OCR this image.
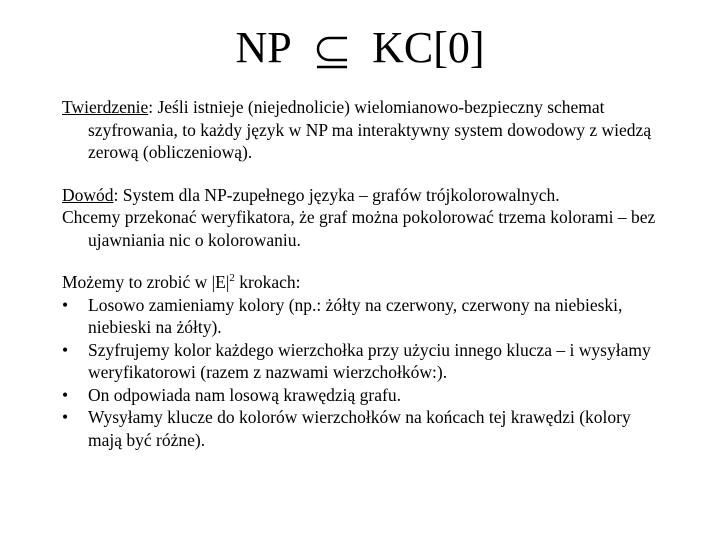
NP KC[0]

Twierdzenie: Jeśli istnieje (niejednolicie) wielomianowo-bezpieczny schemat szyfrowania, to każdy język w NP ma interaktywny system dowodowy z wiedzą zerową (obliczeniową).

Dowód: System dla NP-zupełnego języka – grafów trójkolorowalnych.

Chcemy przekonać weryfikatora, że graf można pokolorować trzema kolorami – bez ujawniania nic o kolorowaniu.

Możemy to zrobić w $|E|^2$ krokach:

• Losowo zamieniamy kolory (np.: żółty na czerwony, czerwony na niebieski, niebieski na żółty).
• Szyfrujemy kolor każdego wierzchołka przy użyciu innego klucza – i wysyłamy weryfikatorowi (razem z nazwami wierzchołków:).
• On odpowiada nam losową krawędzią grafu.
• Wysyłamy klucze do kolorów wierzchołków na końcach tej krawędzi (kolory mają być różne).
